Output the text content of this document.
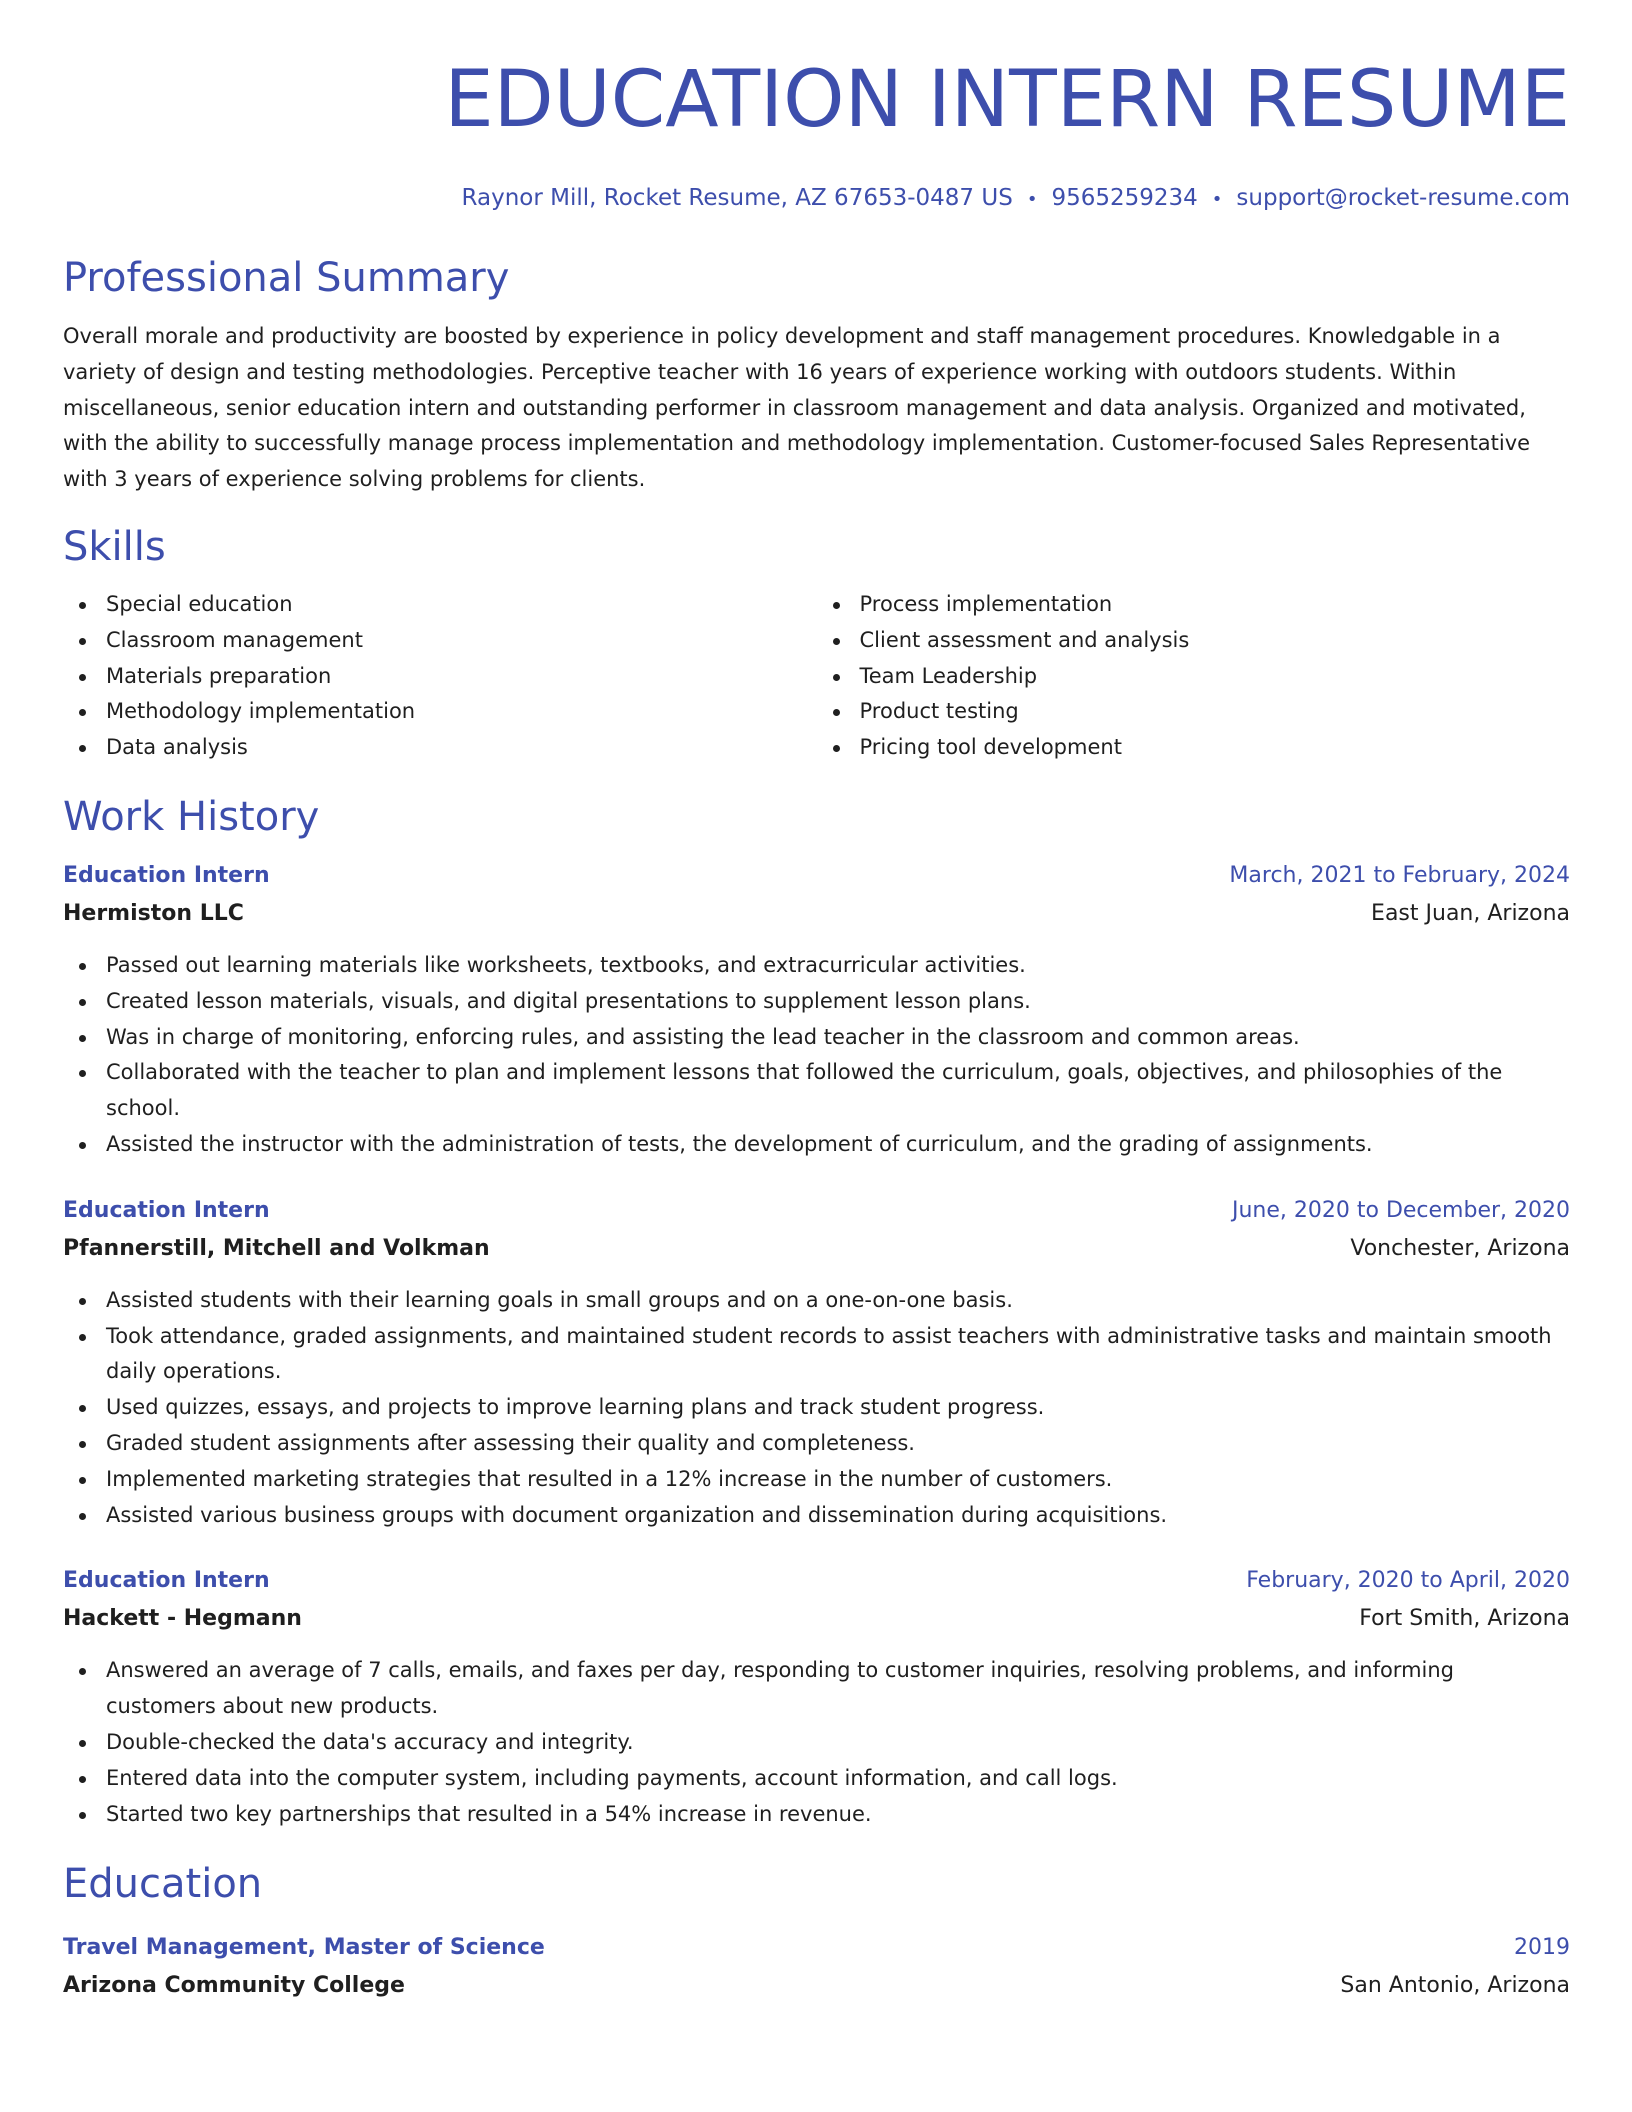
EDUCATION INTERN RESUME
Raynor Mill, Rocket Resume, AZ 67653-0487 US • 9565259234 • support@rocket-resume.com
Professional Summary
Overall morale and productivity are boosted by experience in policy development and staff management procedures. Knowledgable in a variety of design and testing methodologies. Perceptive teacher with 16 years of experience working with outdoors students. Within miscellaneous, senior education intern and outstanding performer in classroom management and data analysis. Organized and motivated, with the ability to successfully manage process implementation and methodology implementation. Customer-focused Sales Representative with 3 years of experience solving problems for clients.
Skills
Special education
Classroom management
Materials preparation
Methodology implementation
Data analysis
Process implementation
Client assessment and analysis
Team Leadership
Product testing
Pricing tool development
Work History
Education Intern	March, 2021 to February, 2024
Hermiston LLC	East Juan, Arizona
Passed out learning materials like worksheets, textbooks, and extracurricular activities.
Created lesson materials, visuals, and digital presentations to supplement lesson plans.
Was in charge of monitoring, enforcing rules, and assisting the lead teacher in the classroom and common areas.
Collaborated with the teacher to plan and implement lessons that followed the curriculum, goals, objectives, and philosophies of the school.
Assisted the instructor with the administration of tests, the development of curriculum, and the grading of assignments.
Education Intern	June, 2020 to December, 2020
Pfannerstill, Mitchell and Volkman	Vonchester, Arizona
Assisted students with their learning goals in small groups and on a one-on-one basis.
Took attendance, graded assignments, and maintained student records to assist teachers with administrative tasks and maintain smooth daily operations.
Used quizzes, essays, and projects to improve learning plans and track student progress.
Graded student assignments after assessing their quality and completeness.
Implemented marketing strategies that resulted in a 12% increase in the number of customers.
Assisted various business groups with document organization and dissemination during acquisitions.
Education Intern	February, 2020 to April, 2020
Hackett - Hegmann	Fort Smith, Arizona
Answered an average of 7 calls, emails, and faxes per day, responding to customer inquiries, resolving problems, and informing customers about new products.
Double-checked the data's accuracy and integrity.
Entered data into the computer system, including payments, account information, and call logs.
Started two key partnerships that resulted in a 54% increase in revenue.
Education
Travel Management, Master of Science	2019
Arizona Community College	San Antonio, Arizona
